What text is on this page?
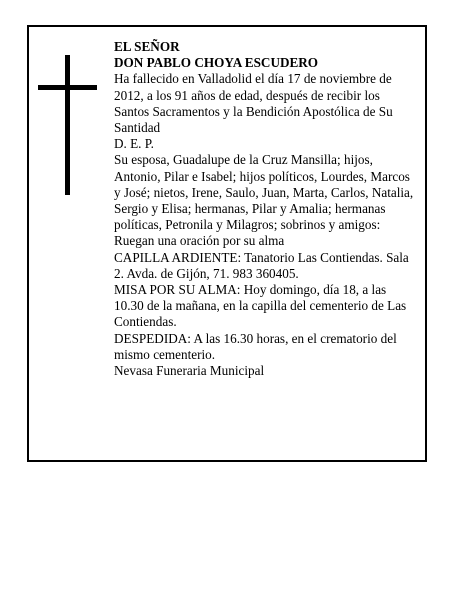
EL SEÑOR
DON PABLO CHOYA ESCUDERO
Ha fallecido en Valladolid el día 17 de noviembre de 2012, a los 91 años de edad, después de recibir los Santos Sacramentos y la Bendición Apostólica de Su Santidad
D. E. P.
Su esposa, Guadalupe de la Cruz Mansilla; hijos, Antonio, Pilar e Isabel; hijos políticos, Lourdes, Marcos y José; nietos, Irene, Saulo, Juan, Marta, Carlos, Natalia, Sergio y Elisa; hermanas, Pilar y Amalia; hermanas políticas, Petronila y Milagros; sobrinos y amigos:
Ruegan una oración por su alma
CAPILLA ARDIENTE: Tanatorio Las Contiendas. Sala 2. Avda. de Gijón, 71. 983 360405.
MISA POR SU ALMA: Hoy domingo, día 18, a las 10.30 de la mañana, en la capilla del cementerio de Las Contiendas.
DESPEDIDA: A las 16.30 horas, en el crematorio del mismo cementerio.
Nevasa Funeraria Municipal
